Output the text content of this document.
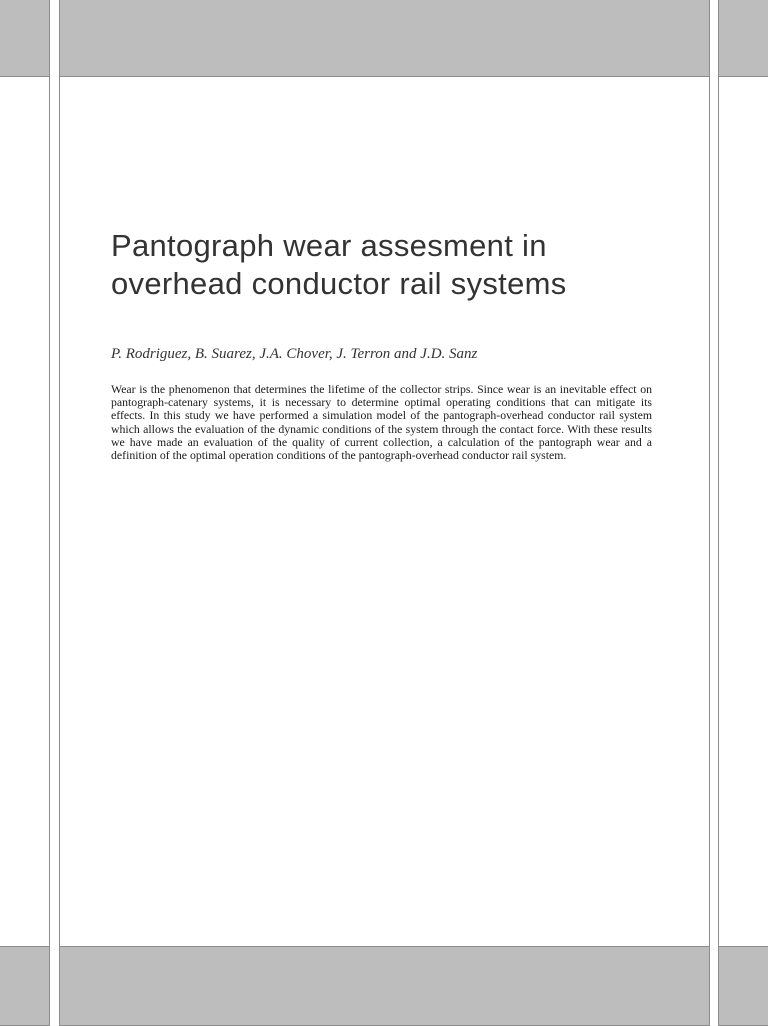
Pantograph wear assesment in overhead conductor rail systems

P. Rodriguez, B. Suarez, J.A. Chover, J. Terron and J.D. Sanz

Wear is the phenomenon that determines the lifetime of the collector strips. Since wear is an inevitable effect on pantograph-catenary systems, it is necessary to determine optimal operating conditions that can mitigate its effects. In this study we have performed a simulation model of the pantograph-overhead conductor rail system which allows the evaluation of the dynamic conditions of the system through the contact force. With these results we have made an evaluation of the quality of current collection, a calculation of the pantograph wear and a definition of the optimal operation conditions of the pantograph-overhead conductor rail system.
